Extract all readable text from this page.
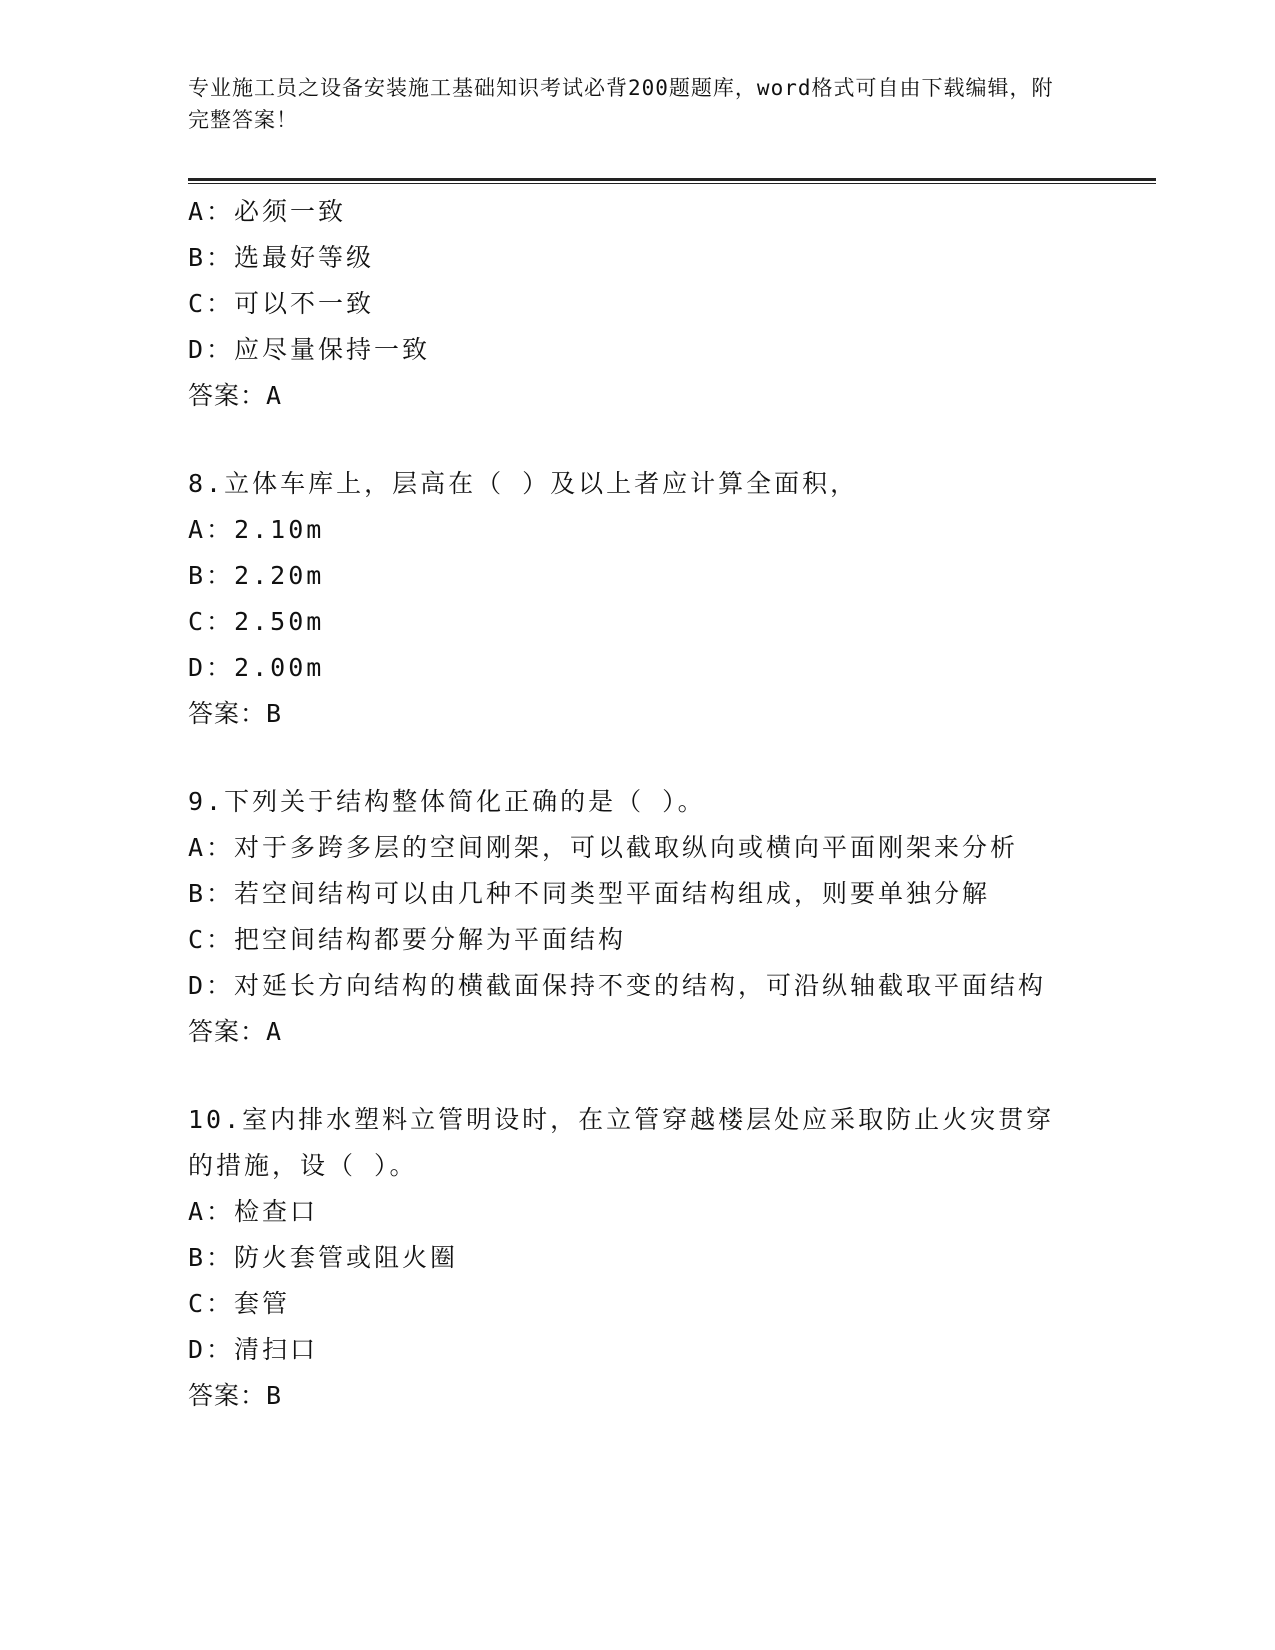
专业施工员之设备安装施工基础知识考试必背200题题库，word格式可自由下载编辑，附完整答案！
A：必须一致
B：选最好等级
C：可以不一致
D：应尽量保持一致
答案：A
8.立体车库上，层高在（ ）及以上者应计算全面积，
A：2.10m
B：2.20m
C：2.50m
D：2.00m
答案：B
9.下列关于结构整体简化正确的是（ ）。
A：对于多跨多层的空间刚架，可以截取纵向或横向平面刚架来分析
B：若空间结构可以由几种不同类型平面结构组成，则要单独分解
C：把空间结构都要分解为平面结构
D：对延长方向结构的横截面保持不变的结构，可沿纵轴截取平面结构
答案：A
10.室内排水塑料立管明设时，在立管穿越楼层处应采取防止火灾贯穿的措施，设（ ）。
A：检查口
B：防火套管或阻火圈
C：套管
D：清扫口
答案：B
